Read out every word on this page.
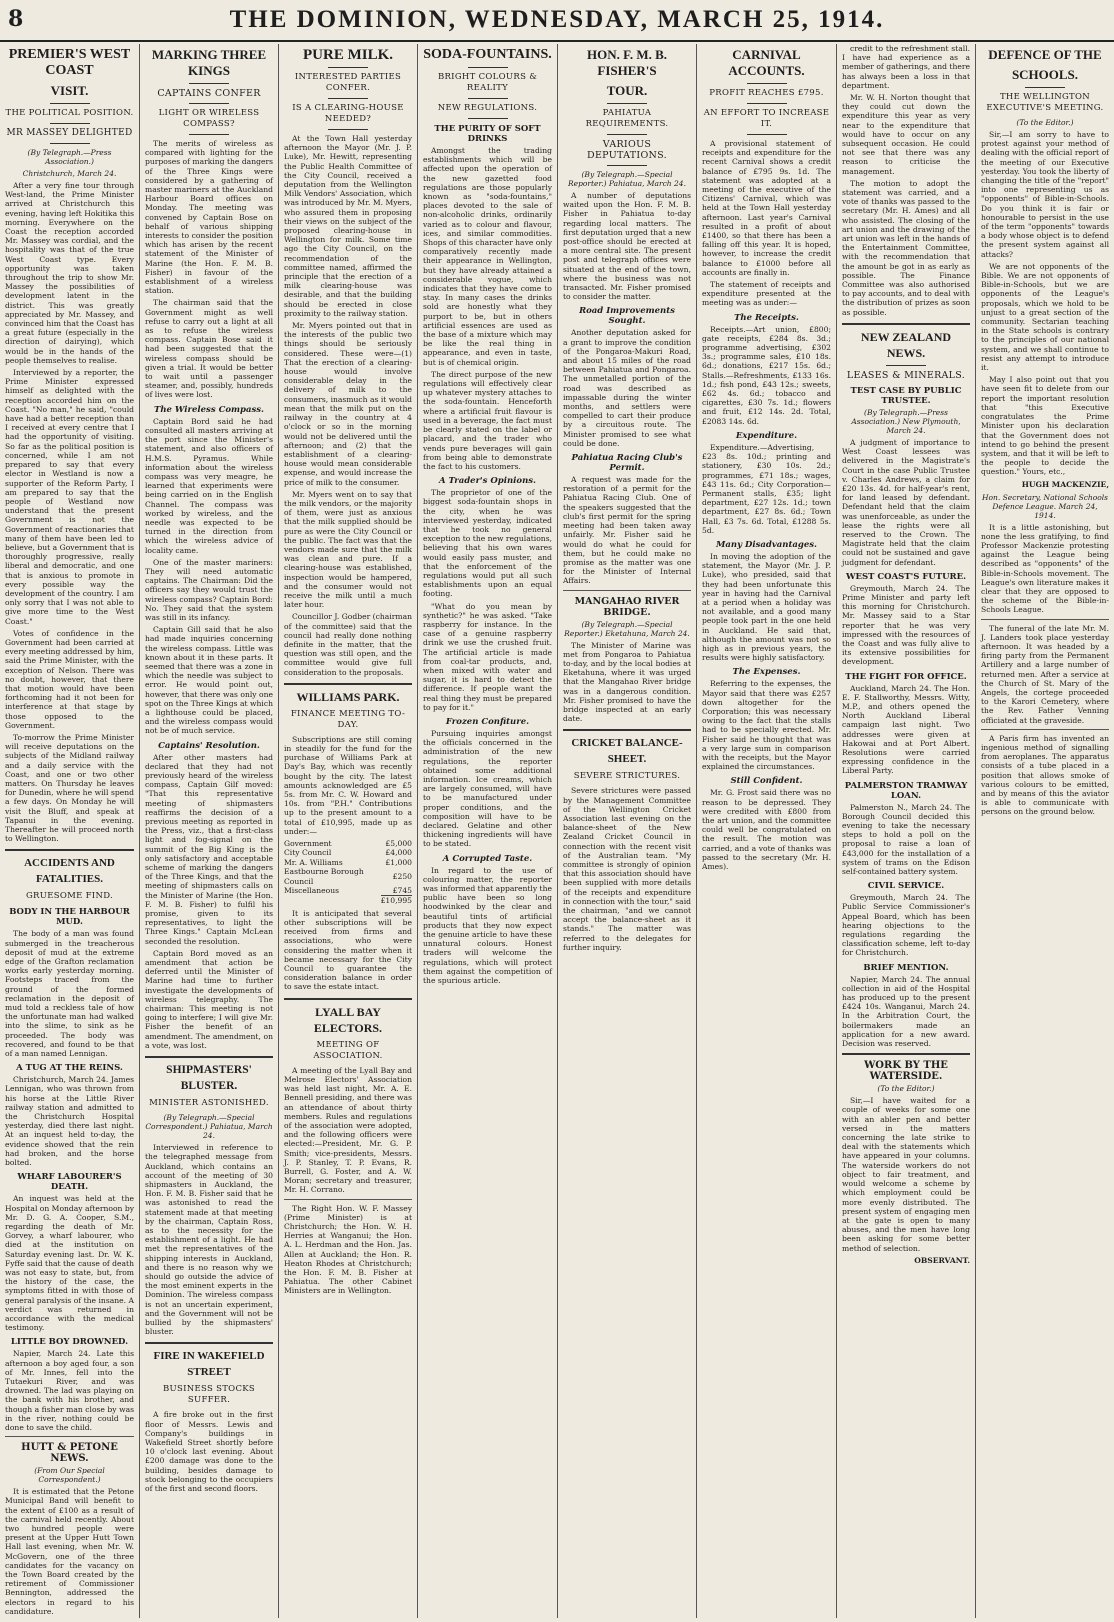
8	THE DOMINION, WEDNESDAY, MARCH 25, 1914.
PREMIER'S WEST COAST
VISIT.
THE POLITICAL POSITION.
MR MASSEY DELIGHTED
(By Telegraph.—Press Association.)
Christchurch, March 24.

After a very fine tour through West-land, the Prime Minister arrived at Christchurch this evening, having left Hokitika this morning. Everywhere on the Coast the reception accorded Mr. Massey was cordial, and the hospitality was that of the true West Coast type. Every opportunity was taken throughout the trip to show Mr. Massey the possibilities of development latent in the district. This was greatly appreciated by Mr. Massey, and convinced him that the Coast has a great future (especially in the direction of dairying), which would be in the hands of the people themselves to realise.

Interviewed by a reporter, the Prime Minister expressed himself as delighted with the reception accorded him on the Coast. "No man," he said, "could have had a better reception than I received at every centre that I had the opportunity of visiting. So far as the political position is concerned, while I am not prepared to say that every elector in Westland is now a supporter of the Reform Party, I am prepared to say that the people of Westland now understand that the present Government is not the Government of reactionaries that many of them have been led to believe, but a Government that is thoroughly progressive, really liberal and democratic, and one that is anxious to promote in every possible way the development of the country. I am only sorry that I was not able to give more time to the West Coast."

Votes of confidence in the Government had been carried at every meeting addressed by him, said the Prime Minister, with the exception of Nelson. There was no doubt, however, that there that motion would have been forthcoming had it not been for interference at that stage by those opposed to the Government.

To-morrow the Prime Minister will receive deputations on the subjects of the Midland railway and a daily service with the Coast, and one or two other matters. On Thursday he leaves for Dunedin, where he will spend a few days. On Monday he will visit the Bluff, and speak at Tapanui in the evening. Thereafter he will proceed north to Wellington.

ACCIDENTS AND FATALITIES.
GRUESOME FIND.
BODY IN THE HARBOUR MUD.

The body of a man was found submerged in the treacherous deposit of mud at the extreme edge of the Grafton reclamation works early yesterday morning. Footsteps traced from the ground of the formed reclamation in the deposit of mud told a reckless tale of how the unfortunate man had walked into the slime, to sink as he proceeded. The body was recovered, and found to be that of a man named Lennigan.

A TUG AT THE REINS.

Christchurch, March 24. James Lennigan, who was thrown from his horse at the Little River railway station and admitted to the Christchurch Hospital yesterday, died there last night. At an inquest held to-day, the evidence showed that the rein had broken, and the horse bolted.

WHARF LABOURER'S DEATH.

An inquest was held at the Hospital on Monday afternoon by Mr. D. G. A. Cooper, S.M., regarding the death of Mr. Gorvey, a wharf labourer, who died at the institution on Saturday evening last. Dr. W. K. Fyffe said that the cause of death was not easy to state, but, from the history of the case, the symptoms fitted in with those of general paralysis of the insane. A verdict was returned in accordance with the medical testimony.

LITTLE BOY DROWNED.

Napier, March 24. Late this afternoon a boy aged four, a son of Mr. Innes, fell into the Tutaekuri River, and was drowned. The lad was playing on the bank with his brother, and though a fisher man close by was in the river, nothing could be done to save the child.

HUTT & PETONE NEWS.
(From Our Special Correspondent.)

It is estimated that the Petone Municipal Band will benefit to the extent of £100 as a result of the carnival held recently. About two hundred people were present at the Upper Hutt Town Hall last evening, when Mr. W. McGovern, one of the three candidates for the vacancy on the Town Board created by the retirement of Commissioner Bennington, addressed the electors in regard to his candidature.

MARKING THREE KINGS
CAPTAINS CONFER
LIGHT OR WIRELESS COMPASS?

The merits of wireless as compared with lighting for the purposes of marking the dangers of the Three Kings were considered by a gathering of master mariners at the Auckland Harbour Board offices on Monday. The meeting was convened by Captain Bose on behalf of various shipping interests to consider the position which has arisen by the recent statement of the Minister of Marine (the Hon. F. M. B. Fisher) in favour of the establishment of a wireless station.

The chairman said that the Government might as well refuse to carry out a light at all as to refuse the wireless compass. Captain Bose said it had been suggested that the wireless compass should be given a trial. It would be better to wait until a passenger steamer, and, possibly, hundreds of lives were lost.

The Wireless Compass.

Captain Bord said he had consulted all masters arriving at the port since the Minister's statement, and also officers of H.M.S. Pyramus. While information about the wireless compass was very meagre, he learned that experiments were being carried on in the English Channel. The compass was worked by wireless, and the needle was expected to be turned in the direction from which the wireless advice of locality came.

One of the master mariners: They will need automatic captains. The Chairman: Did the officers say they would trust the wireless compass? Captain Bord: No. They said that the system was still in its infancy.

Captain Gill said that he also had made inquiries concerning the wireless compass. Little was known about it in these parts. It seemed that there was a zone in which the needle was subject to error. He would point out, however, that there was only one spot on the Three Kings at which a lighthouse could be placed, and the wireless compass would not be of much service.

Captains' Resolution.

After other masters had declared that they had not previously heard of the wireless compass, Captain Gilf moved: "That this representative meeting of shipmasters reaffirms the decision of a previous meeting as reported in the Press, viz., that a first-class light and fog-signal on the summit of the Big King is the only satisfactory and acceptable scheme of marking the dangers of the Three Kings, and that the meeting of shipmasters calls on the Minister of Marine (the Hon. F. M. B. Fisher) to fulfil his promise, given to its representatives, to light the Three Kings." Captain McLean seconded the resolution.

Captain Bord moved as an amendment that action be deferred until the Minister of Marine had time to further investigate the developments of wireless telegraphy. The chairman: This meeting is not going to interfere; I will give Mr. Fisher the benefit of an amendment. The amendment, on a vote, was lost.

SHIPMASTERS' BLUSTER.
MINISTER ASTONISHED.
(By Telegraph.—Special Correspondent.) Pahiatua, March 24.

Interviewed in reference to the telegraphed message from Auckland, which contains an account of the meeting of 30 shipmasters in Auckland, the Hon. F. M. B. Fisher said that he was astonished to read the statement made at that meeting by the chairman, Captain Ross, as to the necessity for the establishment of a light. He had met the representatives of the shipping interests in Auckland, and there is no reason why we should go outside the advice of the most eminent experts in the Dominion. The wireless compass is not an uncertain experiment, and the Government will not be bullied by the shipmasters' bluster.

FIRE IN WAKEFIELD STREET
BUSINESS STOCKS SUFFER.

A fire broke out in the first floor of Messrs. Lewis and Company's buildings in Wakefield Street shortly before 10 o'clock last evening. About £200 damage was done to the building, besides damage to stock belonging to the occupiers of the first and second floors.

PURE MILK.
INTERESTED PARTIES CONFER.
IS A CLEARING-HOUSE NEEDED?

At the Town Hall yesterday afternoon the Mayor (Mr. J. P. Luke), Mr. Hewitt, representing the Public Health Committee of the City Council, received a deputation from the Wellington Milk Vendors' Association, which was introduced by Mr. M. Myers, who assured them in proposing their views on the subject of the proposed clearing-house in Wellington for milk. Some time ago the City Council, on the recommendation of the committee named, affirmed the principle that the erection of a milk clearing-house was desirable, and that the building should be erected in close proximity to the railway station.

Mr. Myers pointed out that in the interests of the public two things should be seriously considered. These were—(1) That the erection of a clearing-house would involve considerable delay in the delivery of milk to the consumers, inasmuch as it would mean that the milk put on the railway in the country at 4 o'clock or so in the morning would not be delivered until the afternoon; and (2) that the establishment of a clearing-house would mean considerable expense, and would increase the price of milk to the consumer.

Mr. Myers went on to say that the milk vendors, or the majority of them, were just as anxious that the milk supplied should be pure as were the City Council or the public. The fact was that the vendors made sure that the milk was clean and pure. If a clearing-house was established, inspection would be hampered, and the consumer would not receive the milk until a much later hour.

Councillor J. Godber (chairman of the committee) said that the council had really done nothing definite in the matter, that the question was still open, and the committee would give full consideration to the proposals.

WILLIAMS PARK.
FINANCE MEETING TO-DAY.

Subscriptions are still coming in steadily for the fund for the purchase of Williams Park at Day's Bay, which was recently bought by the city. The latest amounts acknowledged are £5 5s. from Mr. C. W. Howard and 10s. from "P.H." Contributions up to the present amount to a total of £10,995, made up as under:—

Government	£5,000
City Council	£4,000
Mr. A. Williams	£1,000
Eastbourne Borough Council	£250
Miscellaneous	£745
	£10,995

It is anticipated that several other subscriptions will be received from firms and associations, who were considering the matter when it became necessary for the City Council to guarantee the consideration balance in order to save the estate intact.

LYALL BAY ELECTORS.
MEETING OF ASSOCIATION.

A meeting of the Lyall Bay and Melrose Electors' Association was held last night, Mr. A. E. Bennell presiding, and there was an attendance of about thirty members. Rules and regulations of the association were adopted, and the following officers were elected:—President, Mr. G. P. Smith; vice-presidents, Messrs. J. P. Stanley, T. P. Evans, R. Burrell, G. Foster, and A. W. Moran; secretary and treasurer, Mr. H. Corrano.

The Right Hon. W. F. Massey (Prime Minister) is at Christchurch; the Hon. W. H. Herries at Wanganui; the Hon. A. L. Herdman and the Hon. Jas. Allen at Auckland; the Hon. R. Heaton Rhodes at Christchurch; the Hon. F. M. B. Fisher at Pahiatua. The other Cabinet Ministers are in Wellington.

SODA-FOUNTAINS.
BRIGHT COLOURS & REALITY
NEW REGULATIONS.
THE PURITY OF SOFT DRINKS

Amongst the trading establishments which will be affected upon the operation of the new gazetted food regulations are those popularly known as "soda-fountains," places devoted to the sale of non-alcoholic drinks, ordinarily varied as to colour and flavour, ices, and similar commodities. Shops of this character have only comparatively recently made their appearance in Wellington, but they have already attained a considerable vogue, which indicates that they have come to stay. In many cases the drinks sold are honestly what they purport to be, but in others artificial essences are used as the base of a mixture which may be like the real thing in appearance, and even in taste, but is of chemical origin.

The direct purpose of the new regulations will effectively clear up whatever mystery attaches to the soda-fountain. Henceforth where a artificial fruit flavour is used in a beverage, the fact must be clearly stated on the label or placard, and the trader who vends pure beverages will gain from being able to demonstrate the fact to his customers.

A Trader's Opinions.

The proprietor of one of the biggest soda-fountain shops in the city, when he was interviewed yesterday, indicated that he took no general exception to the new regulations, believing that his own wares would easily pass muster, and that the enforcement of the regulations would put all such establishments upon an equal footing.

"What do you mean by synthetic?" he was asked. "Take raspberry for instance. In the case of a genuine raspberry drink we use the crushed fruit. The artificial article is made from coal-tar products, and, when mixed with water and sugar, it is hard to detect the difference. If people want the real thing they must be prepared to pay for it."

Frozen Confiture.

Pursuing inquiries amongst the officials concerned in the administration of the new regulations, the reporter obtained some additional information. Ice creams, which are largely consumed, will have to be manufactured under proper conditions, and the composition will have to be declared. Gelatine and other thickening ingredients will have to be stated.

A Corrupted Taste.

In regard to the use of colouring matter, the reporter was informed that apparently the public have been so long hoodwinked by the clear and beautiful tints of artificial products that they now expect the genuine article to have these unnatural colours. Honest traders will welcome the regulations, which will protect them against the competition of the spurious article.

HON. F. M. B. FISHER'S
TOUR.
PAHIATUA REQUIREMENTS.
VARIOUS DEPUTATIONS.
(By Telegraph.—Special Reporter.) Pahiatua, March 24.

A number of deputations waited upon the Hon. F. M. B. Fisher in Pahiatua to-day regarding local matters. The first deputation urged that a new post-office should be erected at a more central site. The present post and telegraph offices were situated at the end of the town, where the business was not transacted. Mr. Fisher promised to consider the matter.

Road Improvements Sought.

Another deputation asked for a grant to improve the condition of the Pongaroa-Makuri Road, and about 15 miles of the road between Pahiatua and Pongaroa. The unmetalled portion of the road was described as impassable during the winter months, and settlers were compelled to cart their produce by a circuitous route. The Minister promised to see what could be done.

Pahiatua Racing Club's Permit.

A request was made for the restoration of a permit for the Pahiatua Racing Club. One of the speakers suggested that the club's first permit for the spring meeting had been taken away unfairly. Mr. Fisher said he would do what he could for them, but he could make no promise as the matter was one for the Minister of Internal Affairs.

MANGAHAO RIVER BRIDGE.
(By Telegraph.—Special Reporter.) Eketahuna, March 24.

The Minister of Marine was met from Pongaroa to Pahiatua to-day, and by the local bodies at Eketahuna, where it was urged that the Mangahao River bridge was in a dangerous condition. Mr. Fisher promised to have the bridge inspected at an early date.

CRICKET BALANCE-SHEET.
SEVERE STRICTURES.

Severe strictures were passed by the Management Committee of the Wellington Cricket Association last evening on the balance-sheet of the New Zealand Cricket Council in connection with the recent visit of the Australian team. "My committee is strongly of opinion that this association should have been supplied with more details of the receipts and expenditure in connection with the tour," said the chairman, "and we cannot accept the balance-sheet as it stands." The matter was referred to the delegates for further inquiry.

CARNIVAL ACCOUNTS.
PROFIT REACHES £795.
AN EFFORT TO INCREASE IT.

A provisional statement of receipts and expenditure for the recent Carnival shows a credit balance of £795 9s. 1d. The statement was adopted at a meeting of the executive of the Citizens' Carnival, which was held at the Town Hall yesterday afternoon. Last year's Carnival resulted in a profit of about £1400, so that there has been a falling off this year. It is hoped, however, to increase the credit balance to £1000 before all accounts are finally in.

The statement of receipts and expenditure presented at the meeting was as under:—

The Receipts.

Receipts.—Art union, £800; gate receipts, £284 8s. 3d.; programme advertising, £302 3s.; programme sales, £10 18s. 6d.; donations, £217 15s. 6d.; Stalls.—Refreshments, £133 16s. 1d.; fish pond, £43 12s.; sweets, £62 4s. 6d.; tobacco and cigarettes, £30 7s. 1d.; flowers and fruit, £12 14s. 2d. Total, £2083 14s. 6d.

Expenditure.

Expenditure.—Advertising, £23 8s. 10d.; printing and stationery, £30 10s. 2d.; programmes, £71 18s.; wages, £43 11s. 6d.; City Corporation—Permanent stalls, £35; light department, £27 12s. 1d.; town department, £27 8s. 6d.; Town Hall, £3 7s. 6d. Total, £1288 5s. 5d.

Many Disadvantages.

In moving the adoption of the statement, the Mayor (Mr. J. P. Luke), who presided, said that they had been unfortunate this year in having had the Carnival at a period when a holiday was not available, and a good many people took part in the one held in Auckland. He said that, although the amount was not so high as in previous years, the results were highly satisfactory.

The Expenses.

Referring to the expenses, the Mayor said that there was £257 down altogether for the Corporation; this was necessary owing to the fact that the stalls had to be specially erected. Mr. Fisher said he thought that was a very large sum in comparison with the receipts, but the Mayor explained the circumstances.

Still Confident.

Mr. G. Frost said there was no reason to be depressed. They were credited with £800 from the art union, and the committee could well be congratulated on the result. The motion was carried, and a vote of thanks was passed to the secretary (Mr. H. Ames).

credit to the refreshment stall. I have had experience as a member of gatherings, and there has always been a loss in that department.

Mr. W. H. Norton thought that they could cut down the expenditure this year as very near to the expenditure that would have to occur on any subsequent occasion. He could not see that there was any reason to criticise the management.

The motion to adopt the statement was carried, and a vote of thanks was passed to the secretary (Mr. H. Ames) and all who assisted. The closing of the art union and the drawing of the art union was left in the hands of the Entertainment Committee, with the recommendation that the amount be got in as early as possible. The Finance Committee was also authorised to pay accounts, and to deal with the distribution of prizes as soon as possible.

NEW ZEALAND NEWS.
LEASES & MINERALS.
TEST CASE BY PUBLIC TRUSTEE.
(By Telegraph.—Press Association.) New Plymouth, March 24.

A judgment of importance to West Coast lessees was delivered in the Magistrate's Court in the case Public Trustee v. Charles Andrews, a claim for £20 13s. 4d. for half-year's rent, for land leased by defendant. Defendant held that the claim was unenforceable, as under the lease the rights were all reserved to the Crown. The Magistrate held that the claim could not be sustained and gave judgment for defendant.

WEST COAST'S FUTURE.

Greymouth, March 24. The Prime Minister and party left this morning for Christchurch. Mr. Massey said to a Star reporter that he was very impressed with the resources of the Coast and was fully alive to its extensive possibilities for development.

THE FIGHT FOR OFFICE.

Auckland, March 24. The Hon. E. F. Stallworthy, Messrs. Witty, M.P., and others opened the North Auckland Liberal campaign last night. Two addresses were given at Hakowai and at Port Albert. Resolutions were carried expressing confidence in the Liberal Party.

PALMERSTON TRAMWAY LOAN.

Palmerston N., March 24. The Borough Council decided this evening to take the necessary steps to hold a poll on the proposal to raise a loan of £43,000 for the installation of a system of trams on the Edison self-contained battery system.

CIVIL SERVICE.

Greymouth, March 24. The Public Service Commissioner's Appeal Board, which has been hearing objections to the regulations regarding the classification scheme, left to-day for Christchurch.

BRIEF MENTION.

Napier, March 24. The annual collection in aid of the Hospital has produced up to the present £424 10s. Wanganui, March 24. In the Arbitration Court, the boilermakers made an application for a new award. Decision was reserved.

WORK BY THE WATERSIDE.
(To the Editor.)

Sir,—I have waited for a couple of weeks for some one with an abler pen and better versed in the matters concerning the late strike to deal with the statements which have appeared in your columns. The waterside workers do not object to fair treatment, and would welcome a scheme by which employment could be more evenly distributed. The present system of engaging men at the gate is open to many abuses, and the men have long been asking for some better method of selection.

OBSERVANT.
DEFENCE OF THE
SCHOOLS.
THE WELLINGTON EXECUTIVE'S MEETING.
(To the Editor.)

Sir,—I am sorry to have to protest against your method of dealing with the official report of the meeting of our Executive yesterday. You took the liberty of changing the title of the "report" into one representing us as "opponents" of Bible-in-Schools. Do you think it is fair or honourable to persist in the use of the term "opponents" towards a body whose object is to defend the present system against all attacks?

We are not opponents of the Bible. We are not opponents of Bible-in-Schools, but we are opponents of the League's proposals, which we hold to be unjust to a great section of the community. Sectarian teaching in the State schools is contrary to the principles of our national system, and we shall continue to resist any attempt to introduce it.

May I also point out that you have seen fit to delete from our report the important resolution that "this Executive congratulates the Prime Minister upon his declaration that the Government does not intend to go behind the present system, and that it will be left to the people to decide the question." Yours, etc.,

HUGH MACKENZIE,
Hon. Secretary, National Schools Defence League. March 24, 1914.

It is a little astonishing, but none the less gratifying, to find Professor Mackenzie protesting against the League being described as "opponents" of the Bible-in-Schools movement. The League's own literature makes it clear that they are opposed to the scheme of the Bible-in-Schools League.

The funeral of the late Mr. M. J. Landers took place yesterday afternoon. It was headed by a firing party from the Permanent Artillery and a large number of returned men. After a service at the Church of St. Mary of the Angels, the cortege proceeded to the Karori Cemetery, where the Rev. Father Venning officiated at the graveside.

A Paris firm has invented an ingenious method of signalling from aeroplanes. The apparatus consists of a tube placed in a position that allows smoke of various colours to be emitted, and by means of this the aviator is able to communicate with persons on the ground below.
